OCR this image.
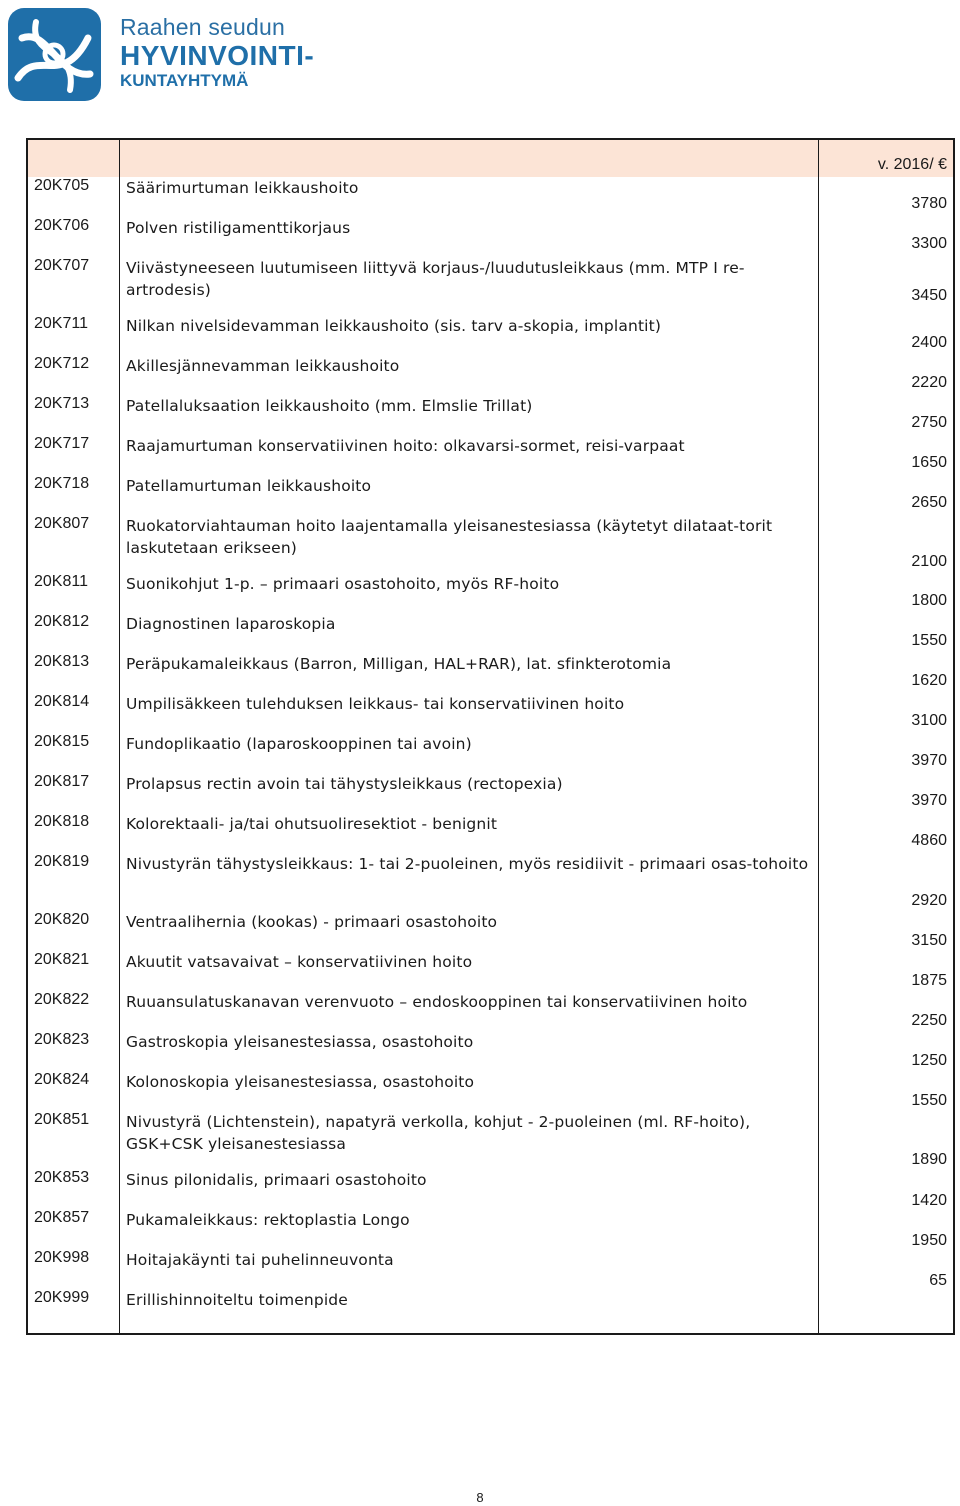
Raahen seudun
HYVINVOINTI-
KUNTAYHTYMÄ
v. 2016/ €
20K705 Säärimurtuman leikkaushoito
3780
20K706 Polven ristiligamenttikorjaus
3300
20K707 Viivästyneeseen luutumiseen liittyvä korjaus-/luudutusleikkaus (mm. MTP I re-artrodesis)	3450
20K711 Nilkan nivelsidevamman leikkaushoito (sis. tarv a-skopia, implantit)
2400
20K712 Akillesjännevamman leikkaushoito
2220
20K713 Patellaluksaation leikkaushoito (mm. Elmslie Trillat)
2750
20K717 Raajamurtuman konservatiivinen hoito: olkavarsi-sormet, reisi-varpaat
1650
20K718 Patellamurtuman leikkaushoito
2650
20K807 Ruokatorviahtauman hoito laajentamalla yleisanestesiassa (käytetyt dilataat-torit laskutetaan erikseen)
2100
20K811 Suonikohjut 1-p. – primaari osastohoito, myös RF-hoito
1800
20K812 Diagnostinen laparoskopia
1550
20K813 Peräpukamaleikkaus (Barron, Milligan, HAL+RAR), lat. sfinkterotomia
1620
20K814 Umpilisäkkeen tulehduksen leikkaus- tai konservatiivinen hoito
3100
20K815 Fundoplikaatio (laparoskooppinen tai avoin)
3970
20K817 Prolapsus rectin avoin tai tähystysleikkaus (rectopexia)
3970
20K818 Kolorektaali- ja/tai ohutsuoliresektiot - benignit
4860
20K819 Nivustyrän tähystysleikkaus: 1- tai 2-puoleinen, myös residiivit - primaari osas-tohoito
2920
20K820 Ventraalihernia (kookas) - primaari osastohoito
3150
20K821 Akuutit vatsavaivat – konservatiivinen hoito
1875
20K822 Ruuansulatuskanavan verenvuoto – endoskooppinen tai konservatiivinen hoito
2250
20K823 Gastroskopia yleisanestesiassa, osastohoito
1250
20K824 Kolonoskopia yleisanestesiassa, osastohoito
1550
20K851 Nivustyrä (Lichtenstein), napatyrä verkolla, kohjut - 2-puoleinen (ml. RF-hoito), GSK+CSK yleisanestesiassa
1890
20K853 Sinus pilonidalis, primaari osastohoito
1420
20K857 Pukamaleikkaus: rektoplastia Longo
1950
20K998 Hoitajakäynti tai puhelinneuvonta
65
20K999 Erillishinnoiteltu toimenpide
8
